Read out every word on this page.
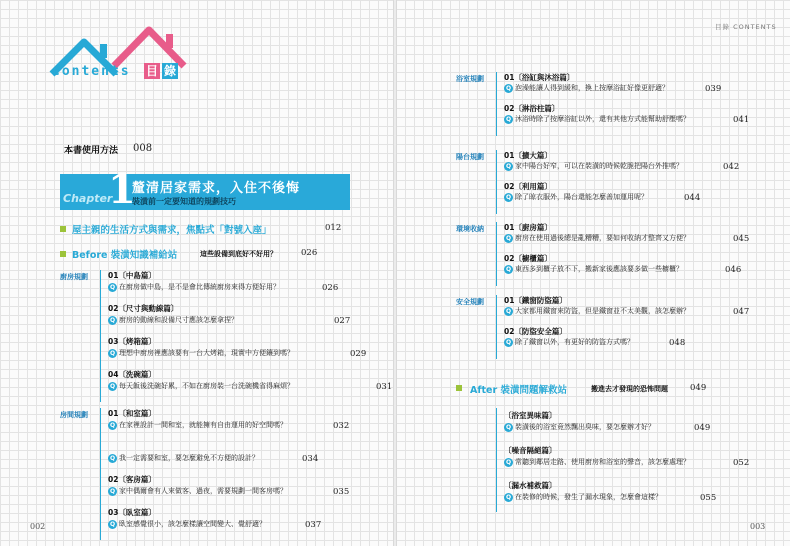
contents 目 錄
本書使用方法 008
Chapter
1
釐清居家需求，入住不後悔
裝潢前一定要知道的規劃技巧
屋主親的生活方式與需求，焦點式「對號入座」	012
Before 裝潢知識補給站	這些設備到底好不好用？	026
廚房規劃	01〔中島篇〕
Q 在廚房做中島，是不是會比傳統廚房來得方便好用？	026
02〔尺寸與動線篇〕
Q 廚房的動線和設備尺寸應該怎麼拿捏？	027
03〔烤箱篇〕
Q 理想中廚房裡應該要有一台大烤箱，現實中方便鑲到嗎？	029
04〔洗碗篇〕
Q 每天飯後洗碗好累，不如在廚房裝一台洗碗機省得麻煩？	031
房間規劃	01〔和室篇〕
Q 在家裡設計一間和室，就能擁有自由運用的好空間嗎？	032
Q 我一定需要和室，要怎麼避免不方便的設計？	034
02〔客房篇〕
Q 家中偶爾會有人來做客、過夜，需要規劃一間客房嗎？	035
03〔臥室篇〕
Q 臥室感覺很小，該怎麼樣讓空間變大、覺舒適？	037
目錄 CONTENTS
浴室規劃	01〔浴缸與沐浴篇〕
Q 泡澡能讓人得到緩和，換上按摩浴缸好像更舒適？	039
02〔淋浴柱篇〕
Q 沐浴時除了按摩浴缸以外，還有其他方式能幫助舒壓嗎？	041
陽台規劃	01〔擴大篇〕
Q 家中陽台好窄，可以在裝潢的時候乾脆把陽台外推嗎？	042
02〔利用篇〕
Q 除了晾衣服外，陽台還能怎麼善加運用呢？	044
環境收納	01〔廚房篇〕
Q 廚房在使用過後總是亂糟糟，要如何收納才整齊又方便？	045
02〔櫥櫃篇〕
Q 東西多到櫃子放不下，搬新家後應該要多做一些櫥櫃？	046
安全規劃	01〔鐵窗防盜篇〕
Q 大家都用鐵窗來防盜，但是鐵窗並不太美觀，該怎麼辦？	047
02〔防盜安全篇〕
Q 除了鐵窗以外，有更好的防盜方式嗎？	048
After 裝潢問題解救站	搬進去才發現的恐怖問題	049
〔浴室異味篇〕
Q 裝潢後的浴室竟然飄出臭味，要怎麼辦才好？	049
〔噪音隔絕篇〕
Q 常聽到鄰居走路、使用廚房和浴室的聲音，該怎麼處理？	052
〔漏水補救篇〕
Q 在裝修的時候，發生了漏水現象，怎麼會這樣？	055
002	003
